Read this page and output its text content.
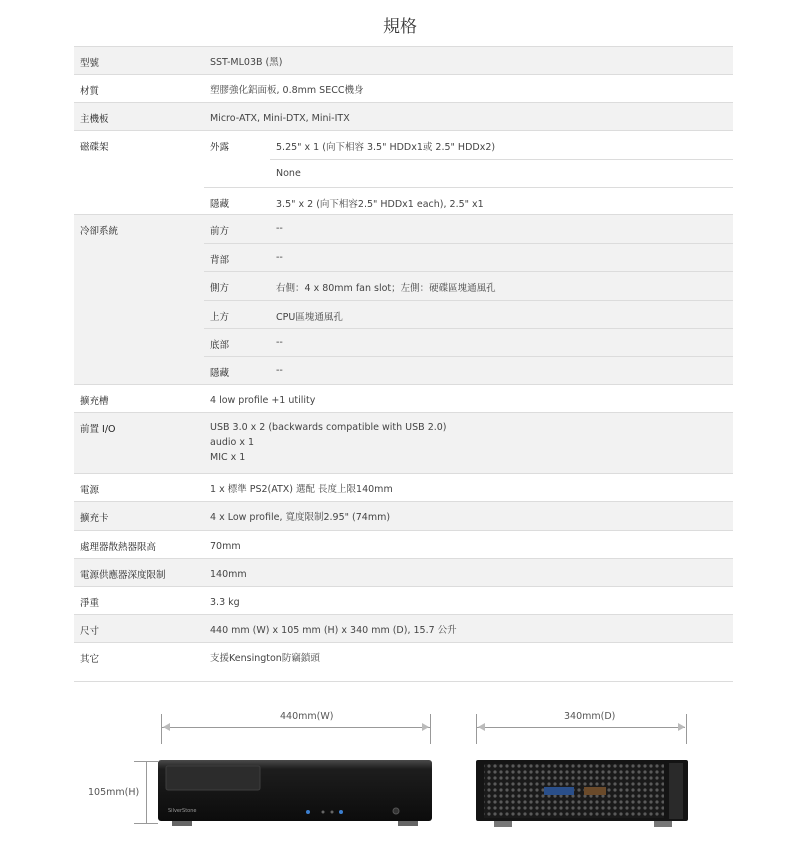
規格
型號	SST-ML03B (黑)
材質	塑膠強化鋁面板, 0.8mm SECC機身
主機板	Micro-ATX, Mini-DTX, Mini-ITX
磁碟架	外露	5.25" x 1 (向下相容 3.5" HDDx1或 2.5" HDDx2)
None
隱藏	3.5" x 2 (向下相容2.5" HDDx1 each), 2.5" x1
冷卻系統	前方	--
背部	--
側方	右側：4 x 80mm fan slot；左側：硬碟區塊通風孔
上方	CPU區塊通風孔
底部	--
隱藏	--
擴充槽	4 low profile +1 utility
前置 I/O	USB 3.0 x 2 (backwards compatible with USB 2.0)
audio x 1
MIC x 1
電源	1 x 標準 PS2(ATX) 選配 長度上限140mm
擴充卡	4 x Low profile, 寬度限制2.95" (74mm)
處理器散熱器限高	70mm
電源供應器深度限制	140mm
淨重	3.3 kg
尺寸	440 mm (W) x 105 mm (H) x 340 mm (D), 15.7 公升
其它	支援Kensington防竊鎖頭
440mm(W)	340mm(D)
105mm(H)
SilverStone
